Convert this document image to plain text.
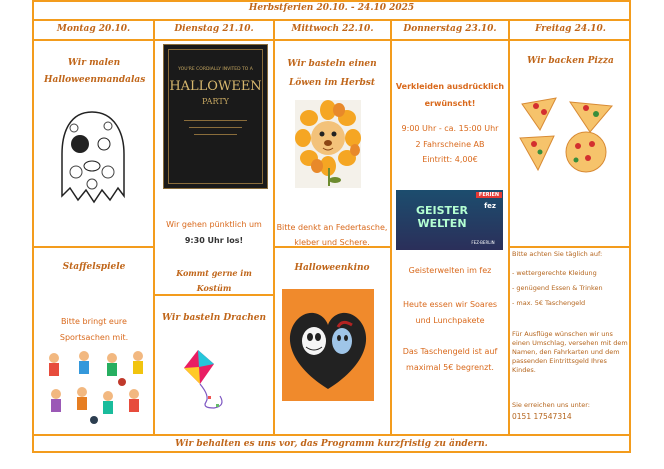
Herbstferien 20.10. - 24.10 2025
Montag 20.10.	Dienstag 21.10.	Mittwoch 22.10.	Donnerstag 23.10.	Freitag 24.10.
Wir malen Halloweenmandalas
Staffelspiele
Bitte bringt eure Sportsachen mit.
YOU'RE CORDIALLY INVITED TO A
HALLOWEEN
PARTY
Wir gehen pünktlich um
9:30 Uhr los!
Kommt gerne im Kostüm
Wir basteln Drachen
Wir basteln einen Löwen im Herbst
Bitte denkt an Federtasche, kleber und Schere.
Halloweenkino
Verkleiden ausdrücklich erwünscht!
9:00 Uhr - ca. 15:00 Uhr
2 Fahrscheine AB
Eintritt: 4,00€
GEISTER WELTEN
FERIEN
fez
FEZ-BERLIN
Geisterwelten im fez
Heute essen wir Soares und Lunchpakete
Das Taschengeld ist auf maximal 5€ begrenzt.
Wir backen Pizza
Bitte achten Sie täglich auf:
- wettergerechte Kleidung
- genügend Essen & Trinken
- max. 5€ Taschengeld
Für Ausflüge wünschen wir uns einen Umschlag, versehen mit dem Namen, den Fahrkarten und dem passenden Eintrittsgeld Ihres Kindes.
Sie erreichen uns unter:
0151 17547314
Wir behalten es uns vor, das Programm kurzfristig zu ändern.
